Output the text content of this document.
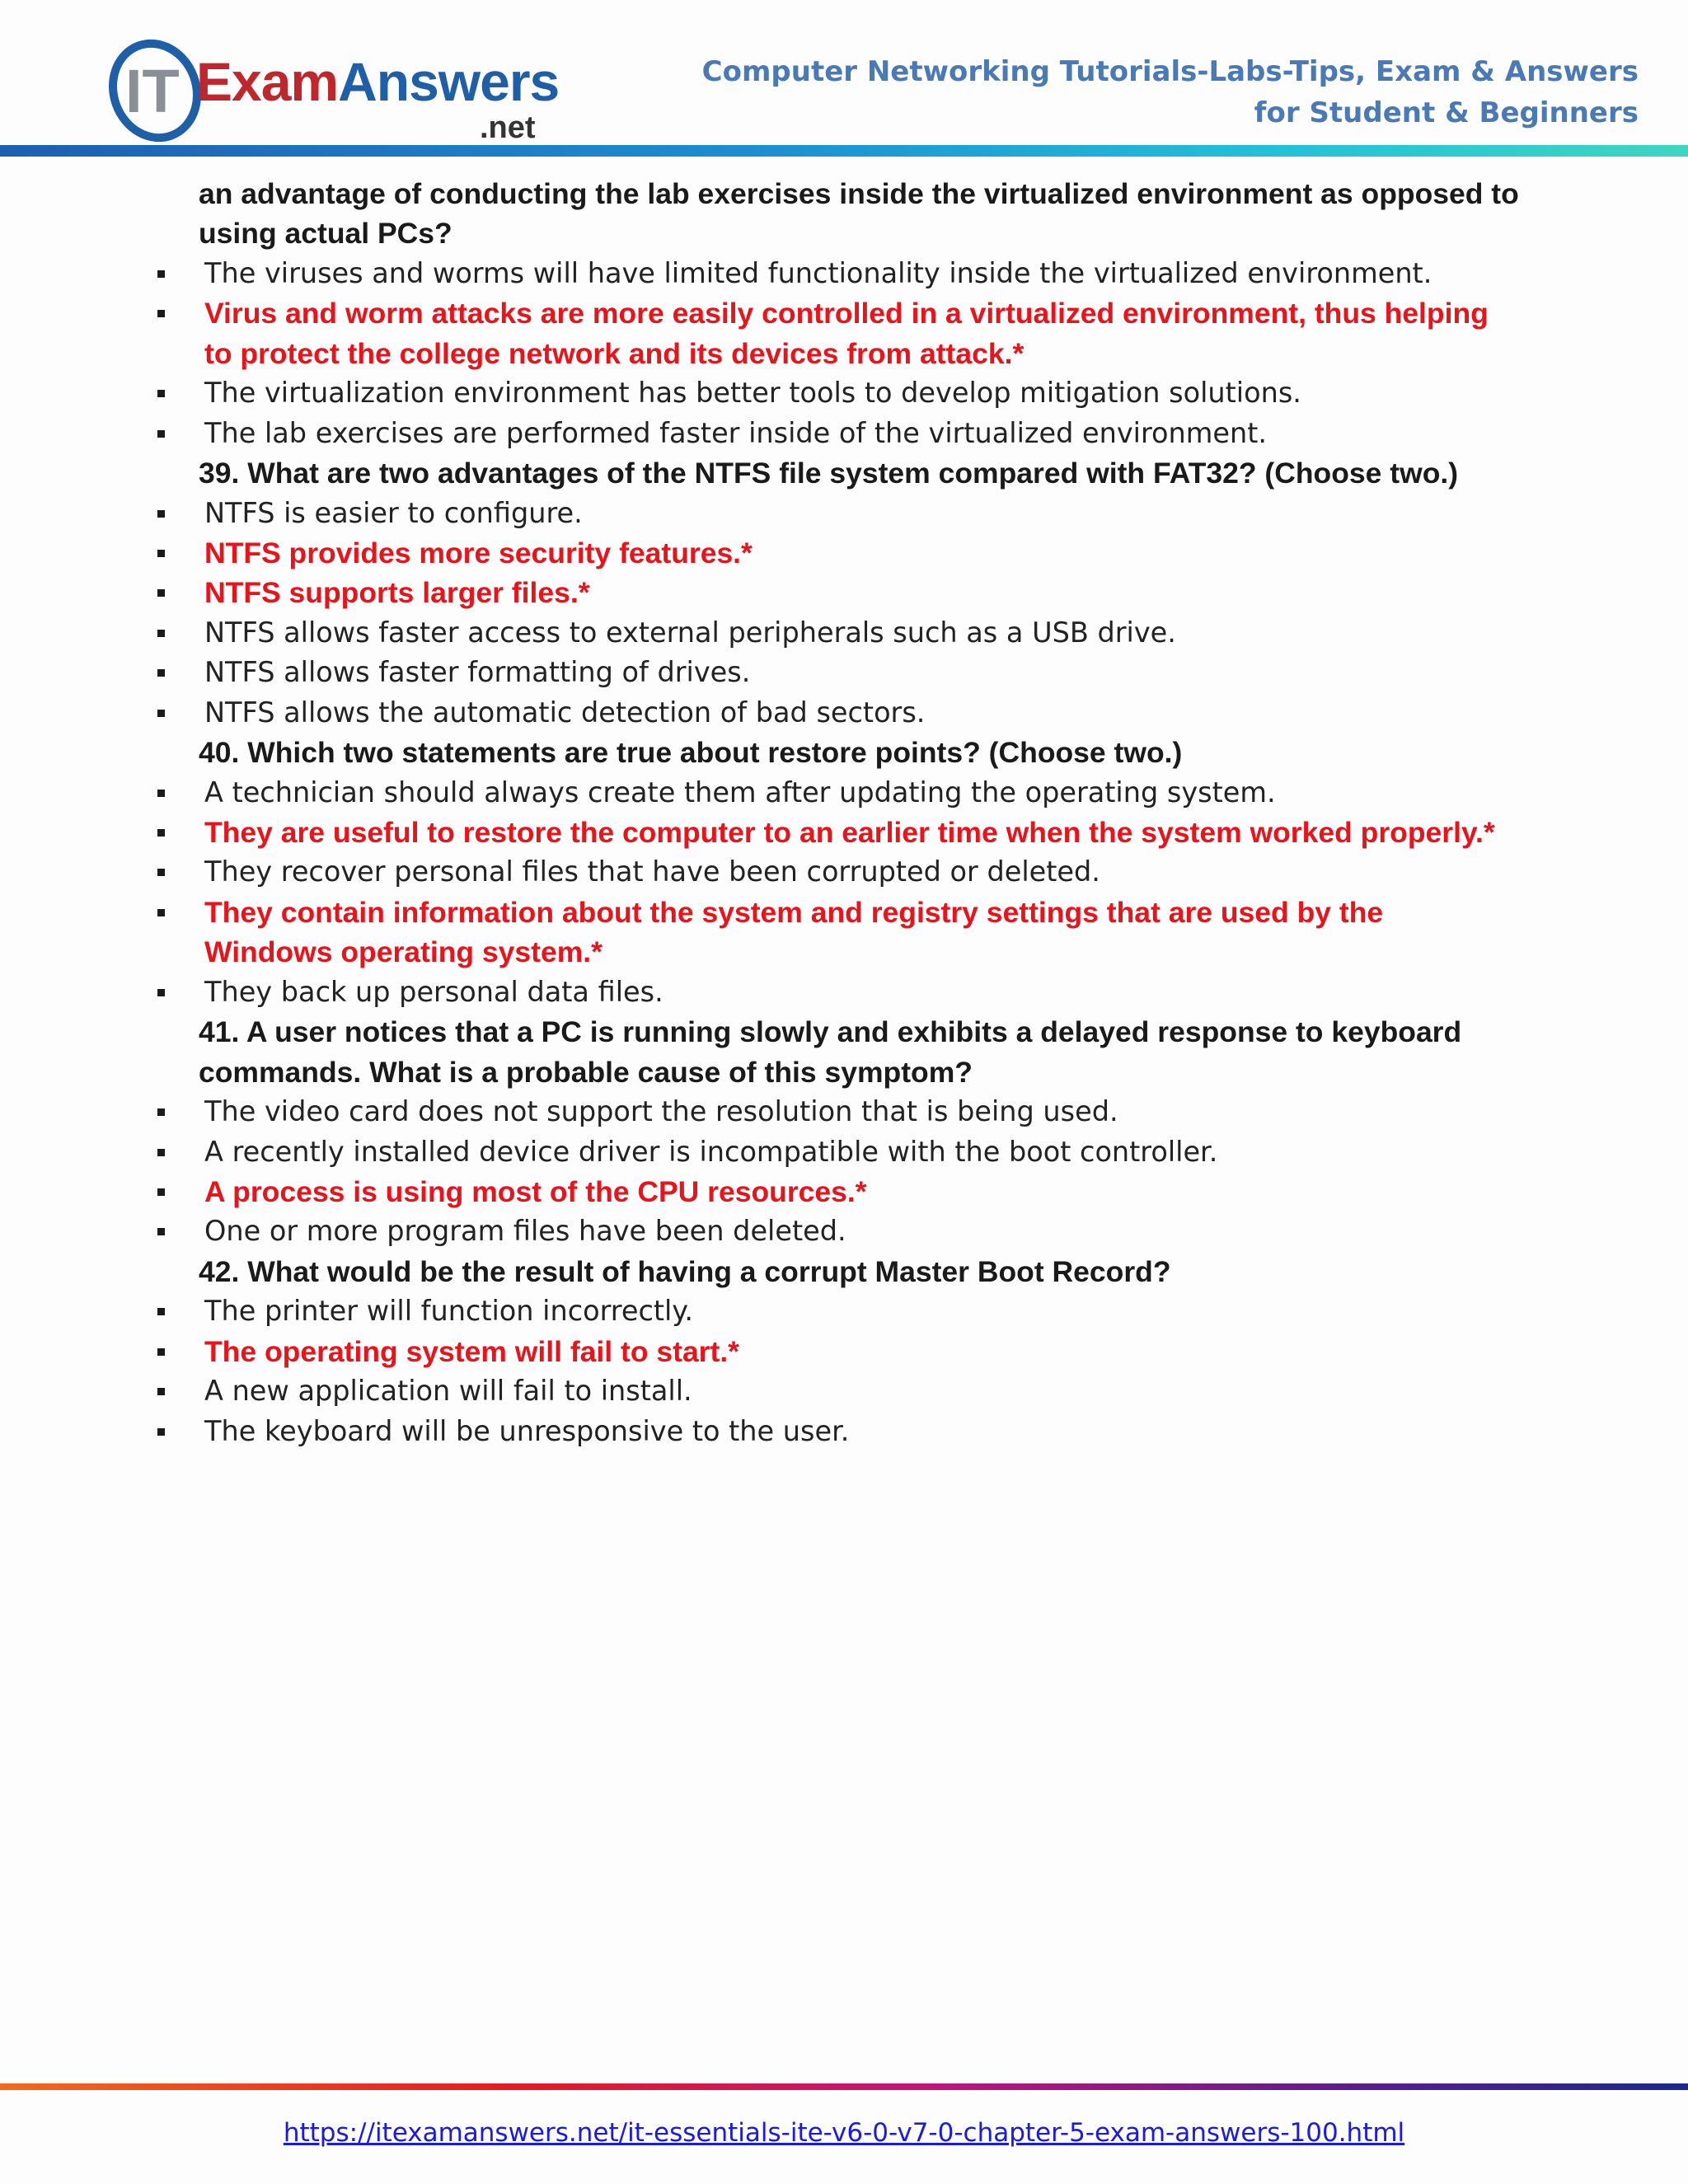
IT ExamAnswers
.net
Computer Networking Tutorials-Labs-Tips, Exam & Answers
for Student & Beginners
an advantage of conducting the lab exercises inside the virtualized environment as opposed to
using actual PCs?
The viruses and worms will have limited functionality inside the virtualized environment.
Virus and worm attacks are more easily controlled in a virtualized environment, thus helping
to protect the college network and its devices from attack.*
The virtualization environment has better tools to develop mitigation solutions.
The lab exercises are performed faster inside of the virtualized environment.
39. What are two advantages of the NTFS file system compared with FAT32? (Choose two.)
NTFS is easier to configure.
NTFS provides more security features.*
NTFS supports larger files.*
NTFS allows faster access to external peripherals such as a USB drive.
NTFS allows faster formatting of drives.
NTFS allows the automatic detection of bad sectors.
40. Which two statements are true about restore points? (Choose two.)
A technician should always create them after updating the operating system.
They are useful to restore the computer to an earlier time when the system worked properly.*
They recover personal files that have been corrupted or deleted.
They contain information about the system and registry settings that are used by the
Windows operating system.*
They back up personal data files.
41. A user notices that a PC is running slowly and exhibits a delayed response to keyboard
commands. What is a probable cause of this symptom?
The video card does not support the resolution that is being used.
A recently installed device driver is incompatible with the boot controller.
A process is using most of the CPU resources.*
One or more program files have been deleted.
42. What would be the result of having a corrupt Master Boot Record?
The printer will function incorrectly.
The operating system will fail to start.*
A new application will fail to install.
The keyboard will be unresponsive to the user.
https://itexamanswers.net/it-essentials-ite-v6-0-v7-0-chapter-5-exam-answers-100.html
